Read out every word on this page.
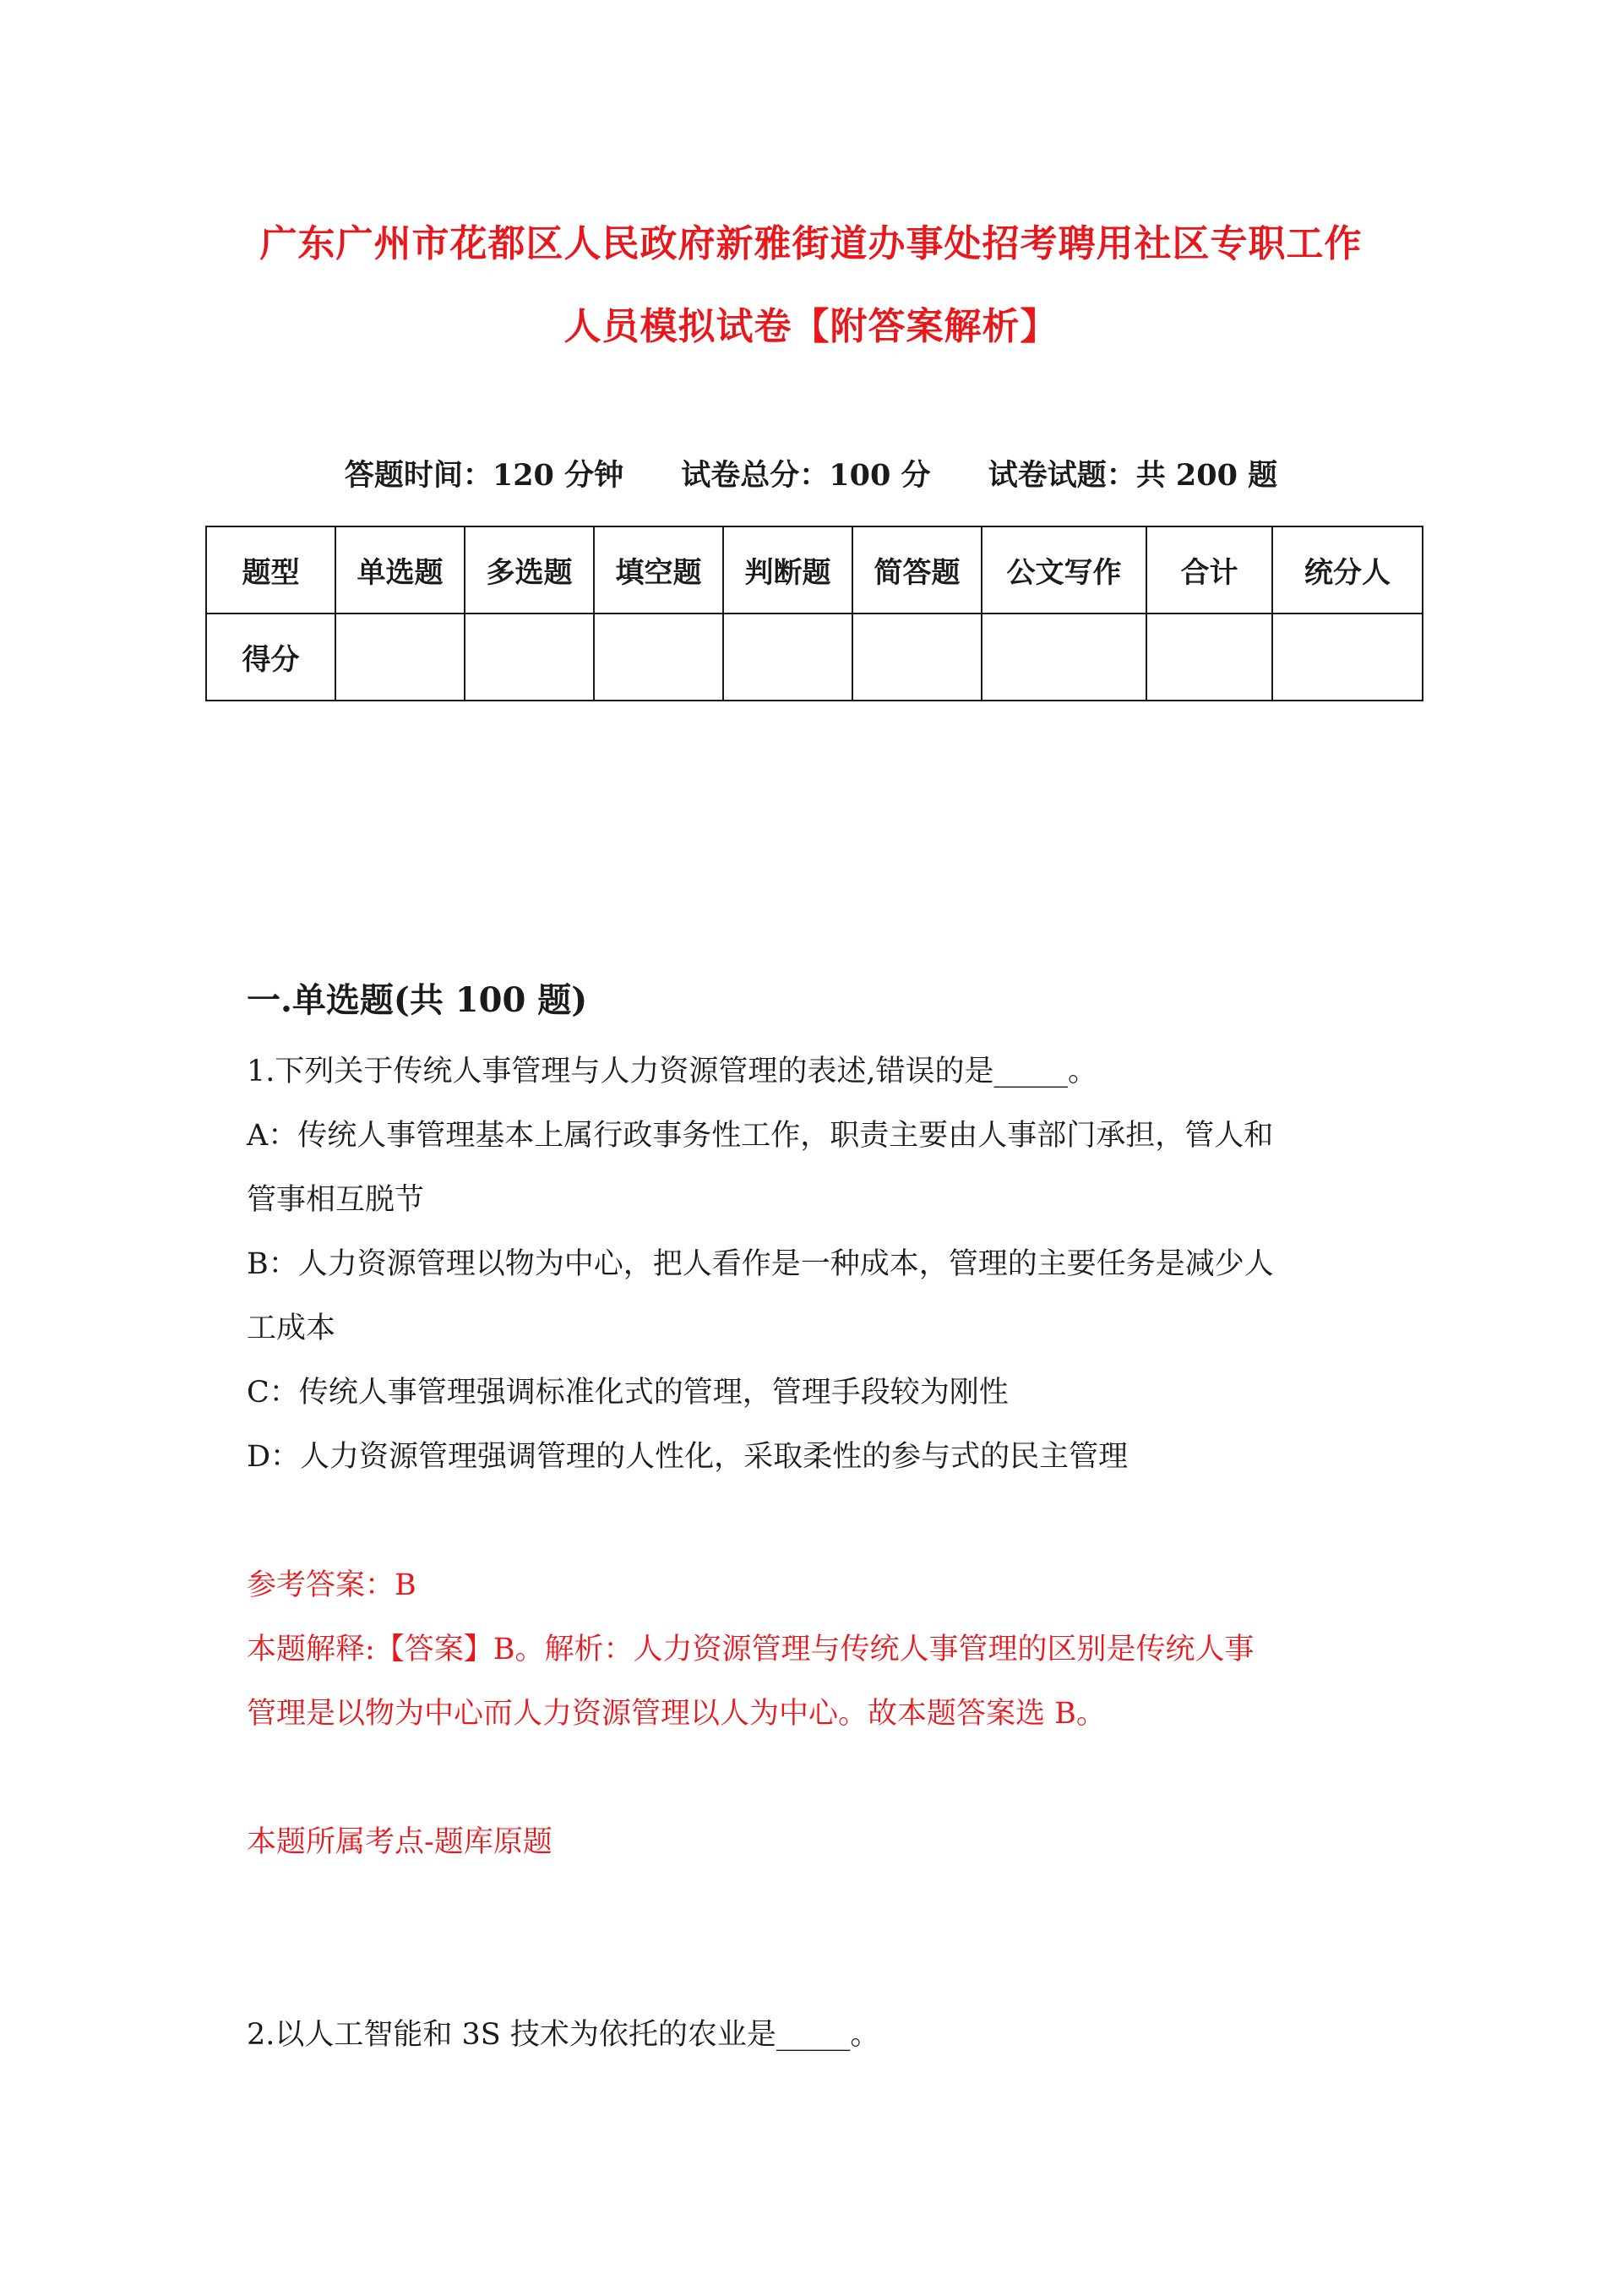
广东广州市花都区人民政府新雅街道办事处招考聘用社区专职工作
人员模拟试卷【附答案解析】
答题时间：120 分钟 试卷总分：100 分 试卷试题：共 200 题
题型	单选题	多选题	填空题	判断题	简答题	公文写作	合计	统分人
得分								
一.单选题(共 100 题)
1.下列关于传统人事管理与人力资源管理的表述,错误的是_____。
A：传统人事管理基本上属行政事务性工作，职责主要由人事部门承担，管人和
管事相互脱节
B：人力资源管理以物为中心，把人看作是一种成本，管理的主要任务是减少人
工成本
C：传统人事管理强调标准化式的管理，管理手段较为刚性
D：人力资源管理强调管理的人性化，采取柔性的参与式的民主管理
参考答案：B
本题解释:【答案】B。解析：人力资源管理与传统人事管理的区别是传统人事
管理是以物为中心而人力资源管理以人为中心。故本题答案选 B。
本题所属考点-题库原题
2.以人工智能和 3S 技术为依托的农业是_____。
